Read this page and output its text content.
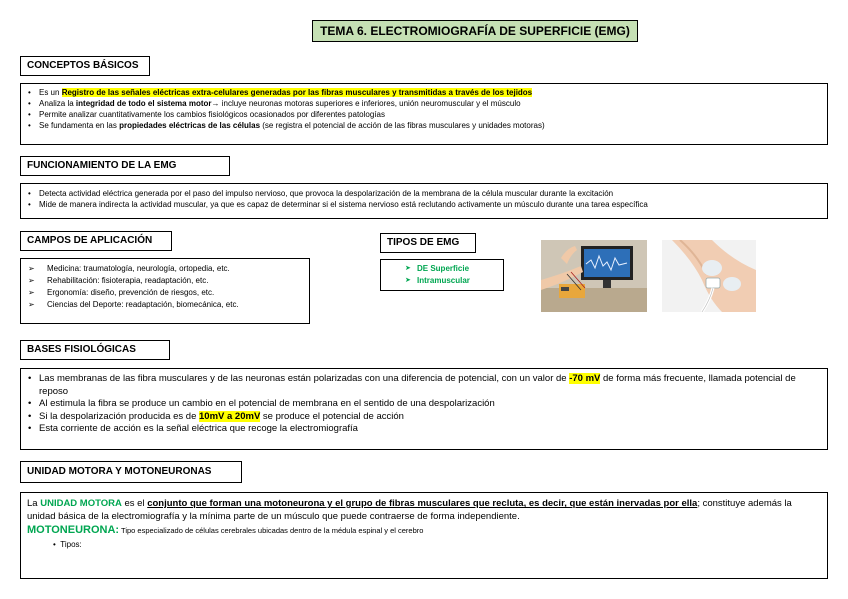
TEMA 6. ELECTROMIOGRAFÍA DE SUPERFICIE (EMG)
CONCEPTOS BÁSICOS
• Es un Registro de las señales eléctricas extra-celulares generadas por las fibras musculares y transmitidas a través de los tejidos
• Analiza la integridad de todo el sistema motor→ incluye neuronas motoras superiores e inferiores, unión neuromuscular y el músculo
• Permite analizar cuantitativamente los cambios fisiológicos ocasionados por diferentes patologías
• Se fundamenta en las propiedades eléctricas de las células (se registra el potencial de acción de las fibras musculares y unidades motoras)
FUNCIONAMIENTO DE LA EMG
• Detecta actividad eléctrica generada por el paso del impulso nervioso, que provoca la despolarización de la membrana de la célula muscular durante la excitación
• Mide de manera indirecta la actividad muscular, ya que es capaz de determinar si el sistema nervioso está reclutando activamente un músculo durante una tarea específica
CAMPOS DE APLICACIÓN
➢ Medicina: traumatología, neurología, ortopedia, etc.
➢ Rehabilitación: fisioterapia, readaptación, etc.
➢ Ergonomía: diseño, prevención de riesgos, etc.
➢ Ciencias del Deporte: readaptación, biomecánica, etc.
TIPOS DE EMG
➤ DE Superficie
➤ Intramuscular
BASES FISIOLÓGICAS
• Las membranas de las fibra musculares y de las neuronas están polarizadas con una diferencia de potencial, con un valor de -70 mV de forma más frecuente, llamada potencial de reposo
• Al estimula la fibra se produce un cambio en el potencial de membrana en el sentido de una despolarización
• Si la despolarización producida es de 10mV a 20mV se produce el potencial de acción
• Esta corriente de acción es la señal eléctrica que recoge la electromiografía
UNIDAD MOTORA Y MOTONEURONAS
La UNIDAD MOTORA es el conjunto que forman una motoneurona y el grupo de fibras musculares que recluta, es decir, que están inervadas por ella; constituye además la unidad básica de la electromiografía y la mínima parte de un músculo que puede contraerse de forma independiente.
MOTONEURONA: Tipo especializado de células cerebrales ubicadas dentro de la médula espinal y el cerebro
•  Tipos:
